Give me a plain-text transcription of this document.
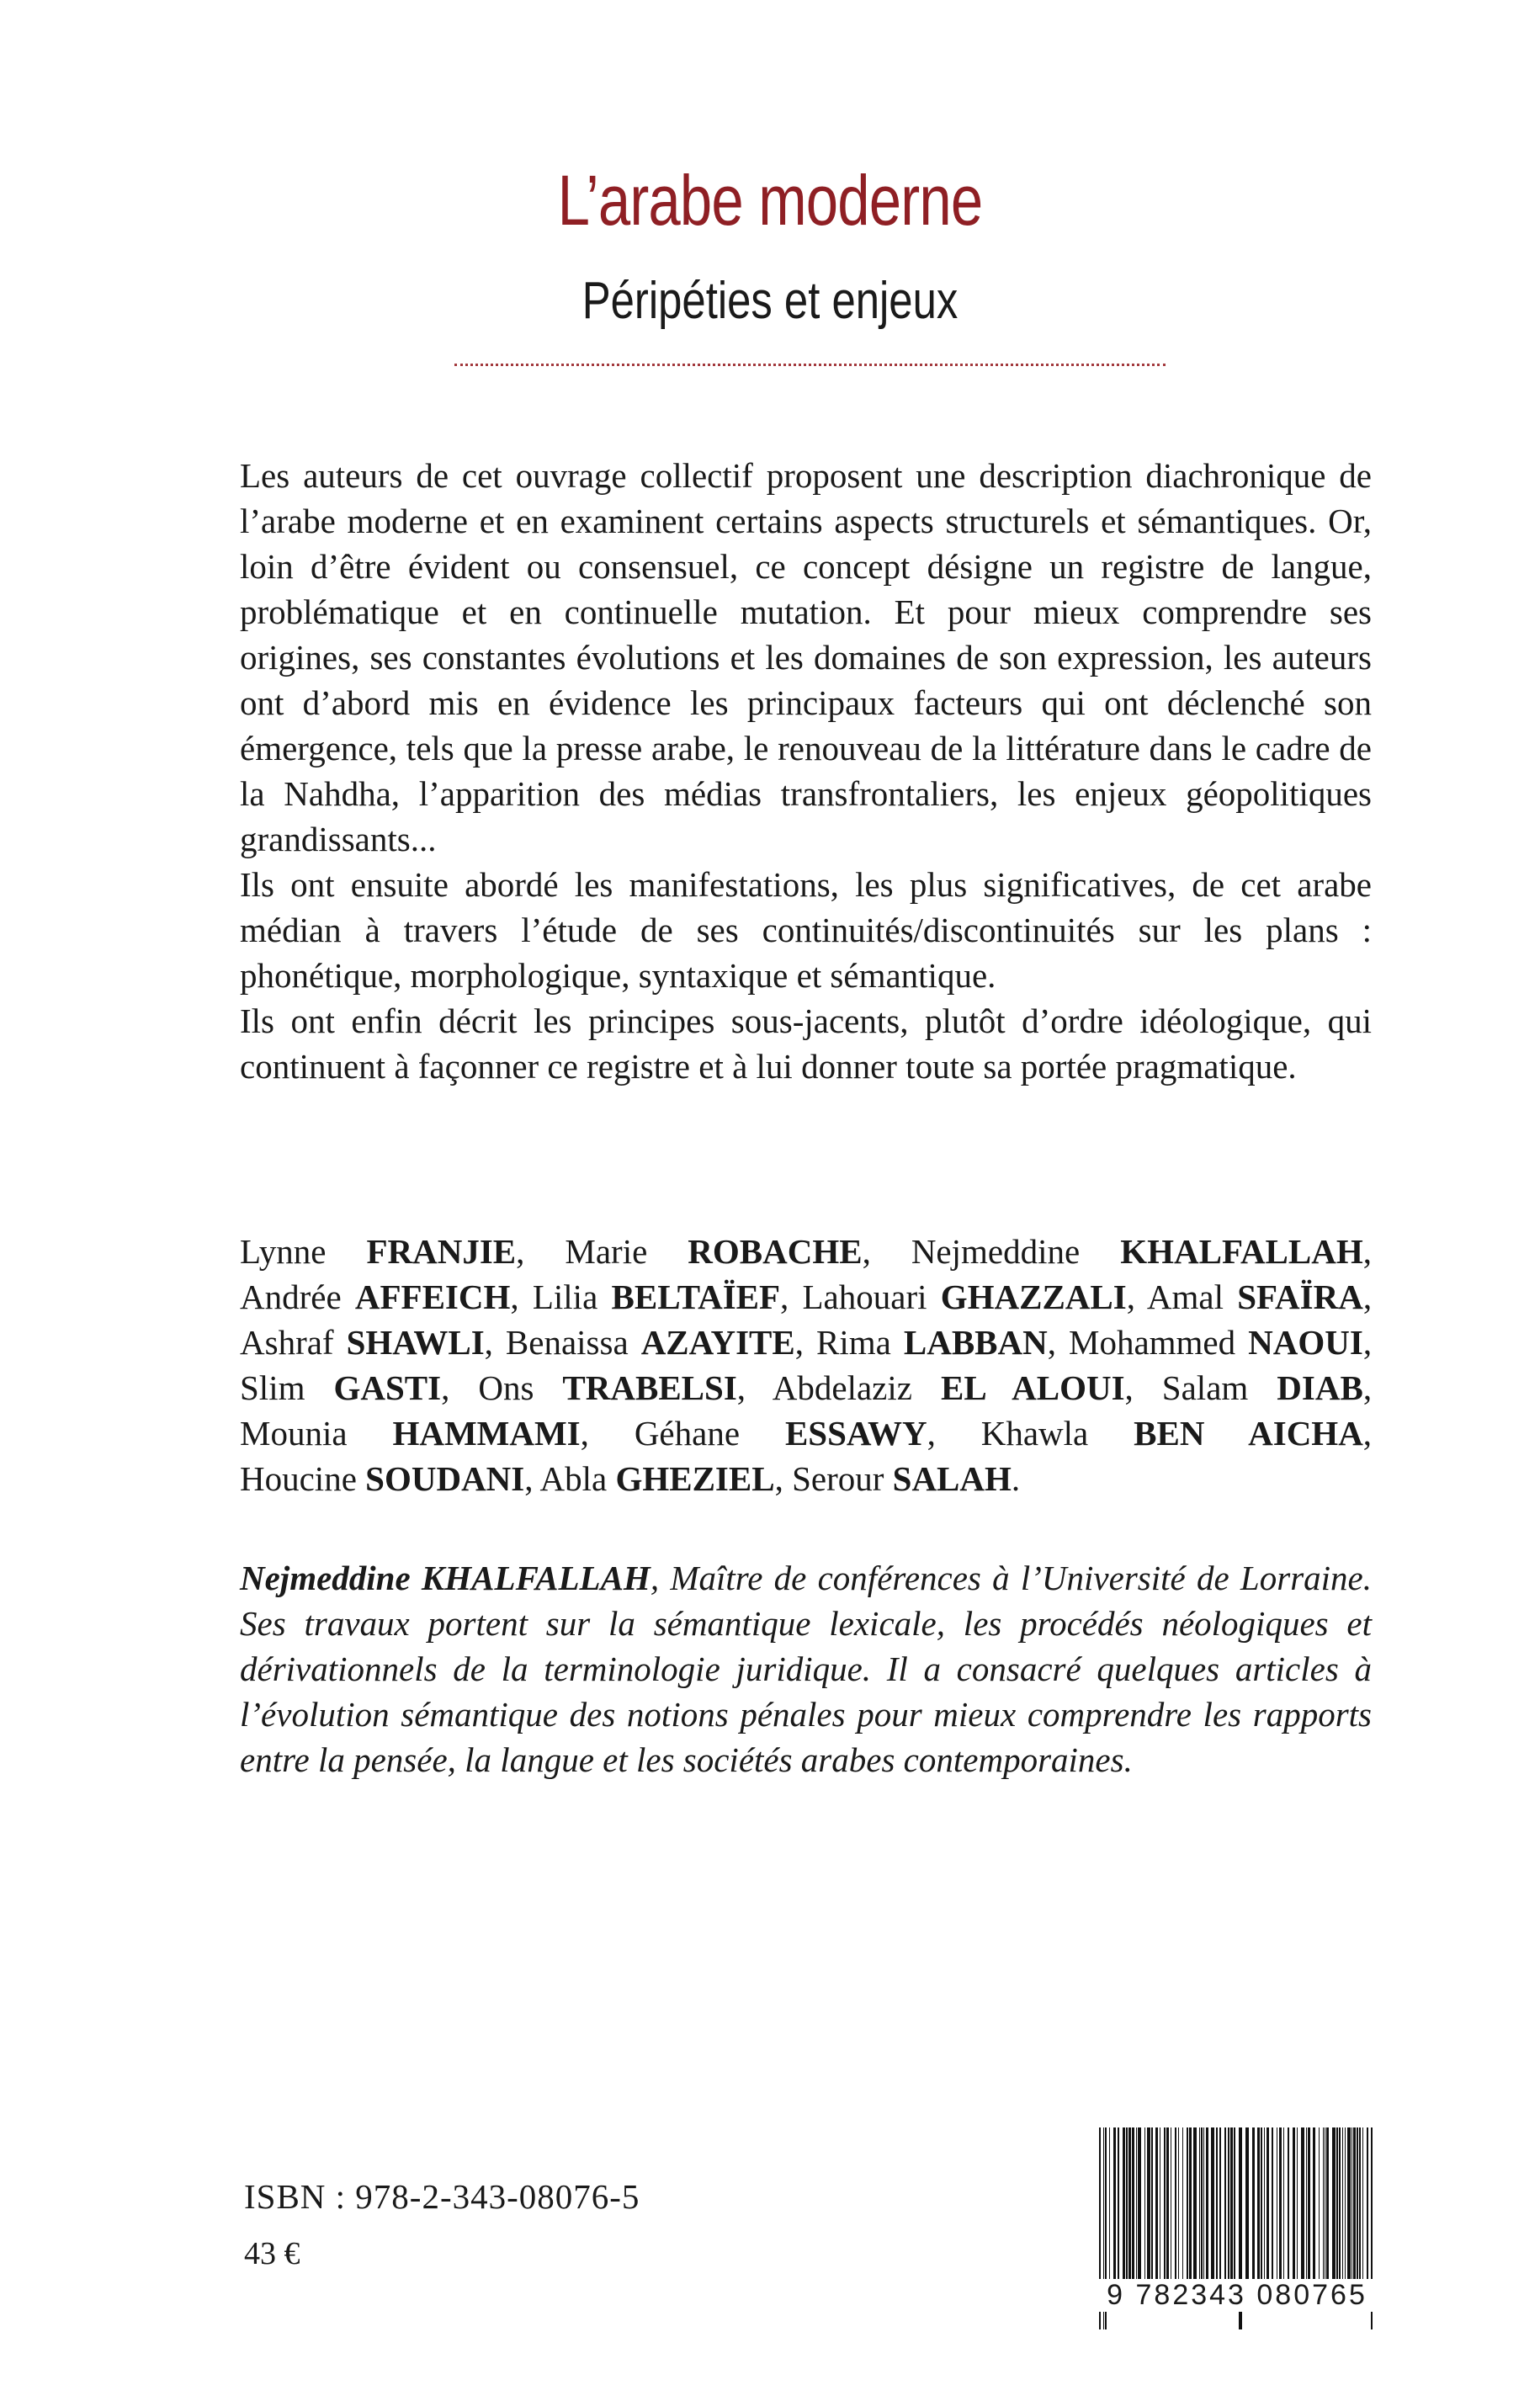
L’arabe moderne
Péripéties et enjeux

Les auteurs de cet ouvrage collectif proposent une description diachronique de l’arabe moderne et en examinent certains aspects structurels et sémantiques. Or, loin d’être évident ou consensuel, ce concept désigne un registre de langue, problématique et en continuelle mutation. Et pour mieux comprendre ses origines, ses constantes évolutions et les domaines de son expression, les auteurs ont d’abord mis en évidence les principaux facteurs qui ont déclenché son émergence, tels que la presse arabe, le renouveau de la littérature dans le cadre de la Nahdha, l’apparition des médias transfrontaliers, les enjeux géopolitiques grandissants...

Ils ont ensuite abordé les manifestations, les plus significatives, de cet arabe médian à travers l’étude de ses continuités/discontinuités sur les plans : phonétique, morphologique, syntaxique et sémantique.

Ils ont enfin décrit les principes sous-jacents, plutôt d’ordre idéologique, qui continuent à façonner ce registre et à lui donner toute sa portée pragmatique.

Lynne FRANJIE, Marie ROBACHE, Nejmeddine KHALFALLAH, Andrée AFFEICH, Lilia BELTAÏEF, Lahouari GHAZZALI, Amal SFAÏRA, Ashraf SHAWLI, Benaissa AZAYITE, Rima LABBAN, Mohammed NAOUI, Slim GASTI, Ons TRABELSI, Abdelaziz EL ALOUI, Salam DIAB, Mounia HAMMAMI, Géhane ESSAWY, Khawla BEN AICHA, Houcine SOUDANI, Abla GHEZIEL, Serour SALAH.
Nejmeddine KHALFALLAH, Maître de conférences à l’Université de Lorraine. Ses travaux portent sur la sémantique lexicale, les procédés néologiques et dérivationnels de la terminologie juridique. Il a consacré quelques articles à l’évolution sémantique des notions pénales pour mieux comprendre les rapports entre la pensée, la langue et les sociétés arabes contemporaines.
ISBN : 978-2-343-08076-5
43 €
9 782343 080765
